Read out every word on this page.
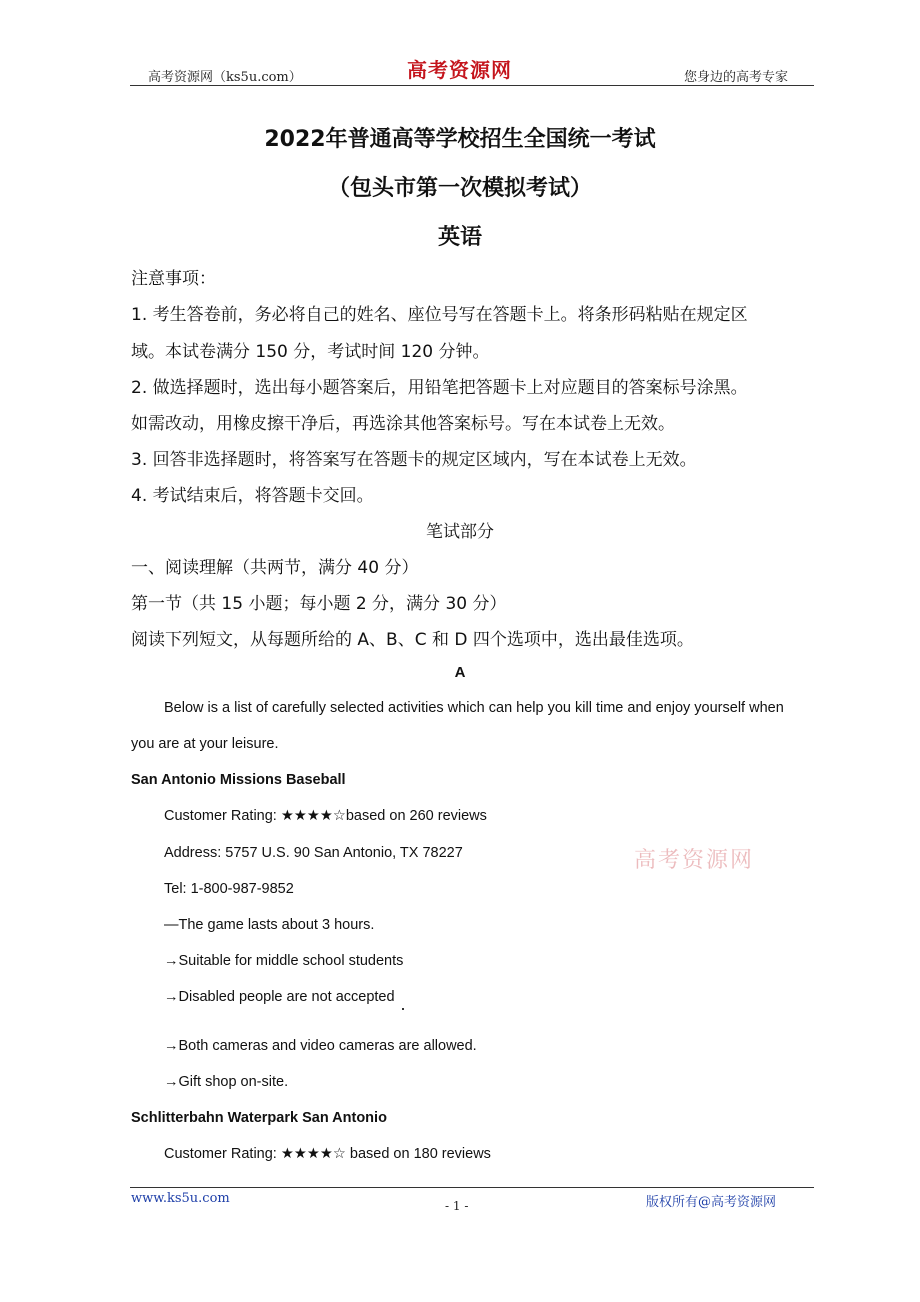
高考资源网（ks5u.com）	高考资源网	您身边的高考专家
2022年普通高等学校招生全国统一考试
（包头市第一次模拟考试）
英语
注意事项：
1. 考生答卷前，务必将自己的姓名、座位号写在答题卡上。将条形码粘贴在规定区
域。本试卷满分 150 分，考试时间 120 分钟。
2. 做选择题时，选出每小题答案后，用铅笔把答题卡上对应题目的答案标号涂黑。
如需改动，用橡皮擦干净后，再选涂其他答案标号。写在本试卷上无效。
3. 回答非选择题时，将答案写在答题卡的规定区域内，写在本试卷上无效。
4. 考试结束后，将答题卡交回。
笔试部分
一、阅读理解（共两节，满分 40 分）
第一节（共 15 小题；每小题 2 分，满分 30 分）
阅读下列短文，从每题所给的 A、B、C 和 D 四个选项中，选出最佳选项。
A
Below is a list of carefully selected activities which can help you kill time and enjoy yourself when
you are at your leisure.
San Antonio Missions Baseball
Customer Rating: ★★★★☆based on 260 reviews
Address: 5757 U.S. 90 San Antonio, TX 78227
Tel: 1-800-987-9852
—The game lasts about 3 hours.
→Suitable for middle school students
→Disabled people are not accepted
→Both cameras and video cameras are allowed.
→Gift shop on-site.
Schlitterbahn Waterpark San Antonio
Customer Rating: ★★★★☆ based on 180 reviews
高考资源网
www.ks5u.com	- 1 -	版权所有@高考资源网
